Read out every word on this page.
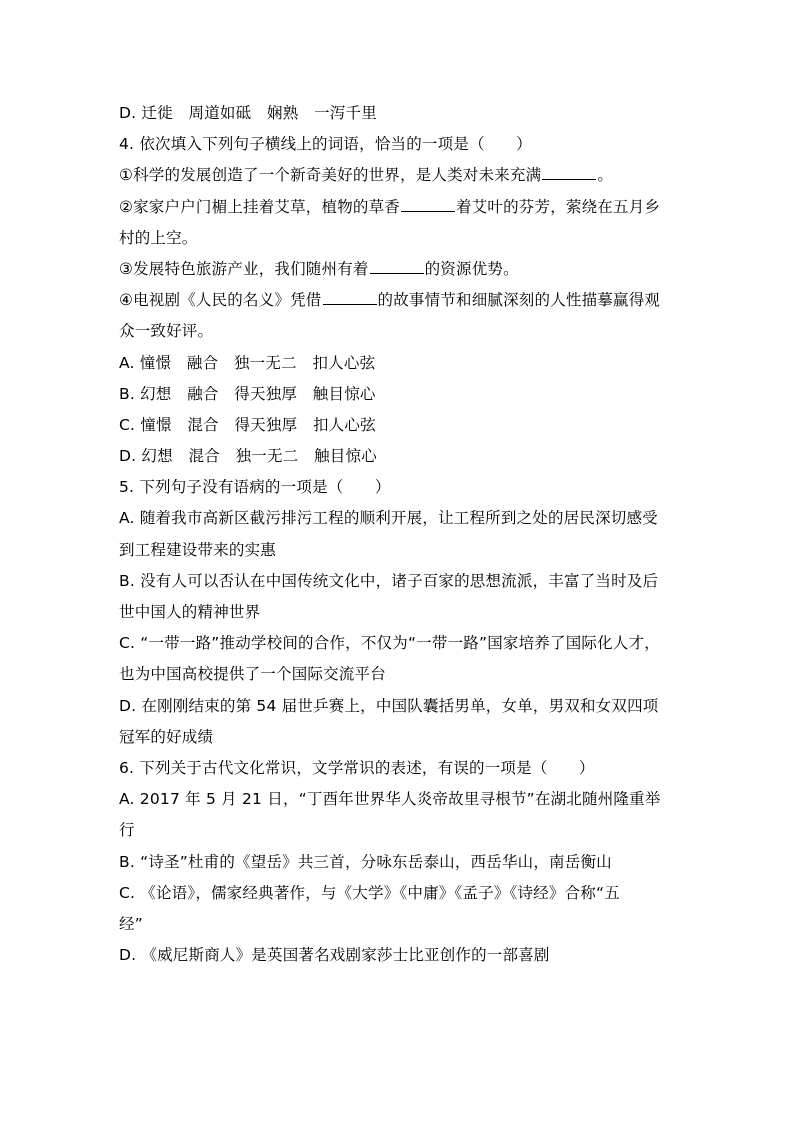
D. 迁徙　周道如砥　娴熟　一泻千里
4. 依次填入下列句子横线上的词语，恰当的一项是（　　）
①科学的发展创造了一个新奇美好的世界，是人类对未来充满	。
②家家户户门楣上挂着艾草，植物的草香	着艾叶的芬芳，萦绕在五月乡
村的上空。
③发展特色旅游产业，我们随州有着	的资源优势。
④电视剧《人民的名义》凭借	的故事情节和细腻深刻的人性描摹赢得观
众一致好评。
A. 憧憬　融合　独一无二　扣人心弦
B. 幻想　融合　得天独厚　触目惊心
C. 憧憬　混合　得天独厚　扣人心弦
D. 幻想　混合　独一无二　触目惊心
5. 下列句子没有语病的一项是（　　）
A. 随着我市高新区截污排污工程的顺利开展，让工程所到之处的居民深切感受
到工程建设带来的实惠
B. 没有人可以否认在中国传统文化中，诸子百家的思想流派，丰富了当时及后
世中国人的精神世界
C. “一带一路”推动学校间的合作，不仅为“一带一路”国家培养了国际化人才，
也为中国高校提供了一个国际交流平台
D. 在刚刚结束的第 54 届世乒赛上，中国队囊括男单，女单，男双和女双四项
冠军的好成绩
6. 下列关于古代文化常识，文学常识的表述，有误的一项是（　　）
A. 2017 年 5 月 21 日，“丁酉年世界华人炎帝故里寻根节”在湖北随州隆重举
行
B. “诗圣”杜甫的《望岳》共三首，分咏东岳泰山，西岳华山，南岳衡山
C. 《论语》，儒家经典著作，与《大学》《中庸》《孟子》《诗经》合称“五
经”
D. 《威尼斯商人》是英国著名戏剧家莎士比亚创作的一部喜剧
